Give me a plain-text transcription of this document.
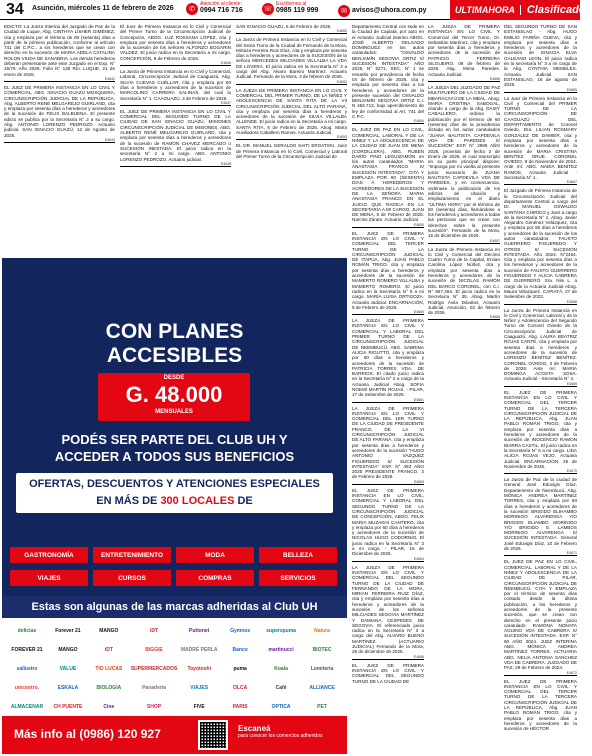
34 Asunción, miércoles 11 de febrero de 2026	✆
Atención al cliente:
0994 716 716	☏
Escríbenos al
0985 119 999	✉ avisos@uhora.com.py	ULTIMAHORA	Clasificados
EDICTO: La Jueza Interina del Juzgado de Paz de la Ciudad de Luque, Abg. CINTHYA LISHER GIMÉNEZ, cita y emplaza por el término de 60 (sesenta) días a partir de la primera publicación, conforme al artículo 741 del C.P.C., a los herederos que se crean con derecho en la sucesión de MARIA ADELA CATALINA ROLON VIUDA DE SANABRIA. Los demás herederos deberán presentarse ante este Juzgado en el Exp. N° 15/75. Año 2026. Folio N° 138 Río. LUQUE, 21 de enero de 2026.
E4642
EL JUEZ DE PRIMERA INSTANCIA EN LO CIVIL Y COMERCIAL, ABG. IGNACIO GUAZÚ MOSQUERA, CIRCUNSCRIPCIÓN JUDICIAL DE LA REPÚBLICA, Abg. ALBERTO RENÉ MELGAREJO GUIRLAND, cita y emplaza por sesenta días a herederos y acreedores de la sucesión de FELIX BALBUENA. El presente edicto se publica por la Secretaría N° 2 a su cargo. Abg. ANTONIO LORENZO PEDROZO. Actuario judicial. SAN IGNACIO GUAZÚ, 12 de Agosto de 2025.
E4643
El Juez de Primera Instancia en lo Civil y Comercial del Primer Turno de la Circunscripción Judicial de Concepción, ABOG. LUZ ROSSANA LÓPEZ, cita y emplaza por sesenta días a herederos y acreedores de la sucesión de los señores ALFONZO BOGARIN VALDEZ. El juicio radica en la Secretaría a mi cargo. CONCEPCIÓN, 9 de Febrero de 2026.
E4646
La Jueza de Primera Instancia en lo Civil y Comercial, Laboral, Circunscripción Judicial de Caaguazú, Abg. SILVIA CUEVAS CUÉLLAR, cita y emplaza por 60 días a herederos y acreedores de la sucesión de MARCOLINO CARRERA SALINAS, del cual la Secretaría N° 1. CAAGUAZÚ, 3 de Febrero de 2026.
E4647
EL JUEZ DE PRIMERA INSTANCIA EN LO CIVIL Y COMERCIAL DEL SEGUNDO TURNO DE LA CIUDAD DE SAN IGNACIO GUAZÚ, MISIONES CIRCUNSCRIPCIÓN JUDICIAL DE MISIONES, ABG. ALBERTO RENÉ MELGAREJO GUIRLAND, cita y emplaza por sesenta días a herederos y acreedores de la sucesión de RAMÓN CHAVEZ MERCADO o SUCESIÓN INESTADA. El juicio radica en la secretaría N° 2 a mi cargo. ABG. ANTONIO LORENZO PEDROZO. Actuario judicial.
E4648
SAN IGNACIO GUAZÚ, 6 de Febrero de 2026.
E4650
La Jueza de Primera Instancia en lo Civil y Comercial del Sexto Turno de la Ciudad de Fernando de la Mora, Mirtaza Ferreira Ruiz Díaz, cita y emplaza por sesenta días a herederos y acreedores de la SUCESIÓN de la señora MERCEDES MILCIADES VILLALBA LA VDA DE LOVERA. El juicio radica en la Secretaría N° 3 a cargo del Abg. Alvaro Bareiro Martínez. Actuario Judicial. Fernando de la Mora, 3 de febrero de 2026.
E4652
LA JUEZA DE PRIMERA INSTANCIA EN LO CIVIL Y COMERCIAL DEL PRIMER TURNO, DE LA NIÑEZ Y ADOLESCENCIA DE SANTA RITA DE LA VII CIRCUNSCRIPCIÓN JUDICIAL DEL ALTO PARANÁ, cita y emplaza por sesenta días a herederos y acreedores de la sucesión de SILVIA VILLALBA ALLENDE. El juicio radica en la Secretaría a mi cargo. SANTA RITA, 5 de Febrero de 2026. Abog. María Auxiliadora Caballero Ramos. Actuaria Judicial.
E4653
EL DR. MANUEL GERALDO SAITI ERGATSKI, Juez de Primera Instancia en lo Civil, Comercial y Laboral del Primer Turno de la Circunscripción Judicial de
Departamento Central con sede en la Ciudad de Capiatá, por auto en el Actuario Judicial interino ABOG. JOSÉ ALBERTO DELGADO DOMINGUEZ en los autos caratulados: "OSVALDO BENJAMÍN SEGOVIA ORTIZ S/ SUCESIÓN INTESTADA" AÑO 2025, N° 5271, SEC. N° 1 se resuelto por providencia de fecha 04 de febrero de 2026, cita y emplaza por sesenta días a los herederos y acreedores de la presente sucesión del OSVALDO BENJAMÍN SEGOVIA ORTIZ C.I. N 456.713, bajo apercibimiento de ley de conformidad al Art. 741 del C.P.C.
E4654
EL JUEZ DE PAZ EN LO CIVIL, COMERCIAL, LABORAL Y DE LA NIÑEZ Y LA ADOLESCENCIA DE LA CIUDAD DE JUAN DE MENA (CORDILLERA). ABG. RUBEN DARÍO PINO LEGUIZAMÓN en los autos caratulados "MARIA ANASTASIA FRANCO S/ SUCESIÓN INTESTADA". CITA Y EMPLAZA POR 60 (SESENTA) DÍAS A HEREDEROS Y ACREEDORES DE LA SUCESIÓN DE LA SEÑORA MARIA ANASTASIA FRANCO EN EL JUICIO QUE RADICA EN LA SECRETARÍA A MI CARGO. JUAN DE MENA, 6 de Febrero de 2026. Narciso Zárate. Actuario Judicial.
E4655
EL JUEZ DE PRIMERA INSTANCIA EN LO CIVIL Y COMERCIAL DEL TERCER TURNO DE LA CIRCUNSCRIPCIÓN JUDICIAL DE ITAPÚA, Abg. JUAN PABLO ROMÁN TRIGO, cita y emplaza por sesenta días a herederos y acreedores de la sucesión de MAMERTO ROMERO VILLALBA y MAMERTO ROMERO. El juicio radica en la Secretaría N° 5 a mi cargo. MARÍA LUISA ORTIGOZA. Actuaria Judicial. ENCARNACIÓN, 9 de Febrero de 2026.
E4660
LA JUEZA DE PRIMERA INSTANCIA EN LO CIVIL Y COMERCIAL Y LABORAL DEL PRIMER TURNO DE LA CIRCUNSCRIPCIÓN JUDICIAL DE ÑEEMBUCÚ, ABG. SABRINA ALICIA RIGUTTO, cita y emplaza por 60 días a herederos y acreedores de la sucesión de PATRICIA TORRES VDA. DE BARRIOS. El citado juicio radica en la Secretaría N° 2 a cargo de la Actuaria Judicial Abog. SOFIA NOEMÍ MARTÍN ROJAS. - PILAR, 17 de Setiembre de 2025.
E4661
LA JUEZA DE PRIMERA INSTANCIA EN LO CIVIL Y COMERCIAL DEL 1ER TURNO DE LA CIUDAD DE PRESIDENTE FRANCO, DE LA VI CIRCUNSCRIPCIÓN JUDICIAL DE ALTO PARANÁ, cita y emplaza por sesenta días a herederos y acreedores de la sucesión "HUGO ANTONIO VAZQUEZ FIGUEREDO S/ SUCESIÓN INTESTADA" EXP. N° 493 AÑO 2025 PRESIDENTE FRANCO, 3 de Febrero de 2026.
E4663
EL JUEZ DE PRIMERA INSTANCIA EN LO CIVIL, COMERCIAL Y LABORAL DEL SEGUNDO TURNO DE LA CIRCUNSCRIPCIÓN JUDICIAL DE CONCEPCIÓN, ABOG. FELIX MARIA MUZAKHI CANTERO, cita y emplaza por 60 días a herederos y acreedores de la sucesión de NICOLAS HUGO CODORNIO. El juicio radica en la Secretaría N° 3 a mi cargo. - PILAR, 16 de Diciembre de 2025.
E4664
LA JUEZA DE PRIMERA INSTANCIA EN LO CIVIL Y COMERCIAL DEL SEGUNDO TURNO DE LA CIUDAD DE FERNANDO DE LA MORA, MIRIAN FERREIRA RUIZ DÍAZ, cita y emplaza por sesenta días a herederos y acreedores de la sucesión de los señores MILCIADES SEGOVIA MARTÍNEZ Y DAMIANA CESPEDES DE SEGOVIA. El referenciado juicio radica en la Secretaría N° 3 a cargo del Abg. ALVARO BUENO MARTÍNEZ. (ACTUARIO JUDICIAL) Fernando de la Mora, 29 de diciembre de 2025.
E4666
EL JUEZ DE PRIMERA INSTANCIA EN LO CIVIL Y COMERCIAL DEL SEGUNDO TURNO DE LA CIUDAD DE
LA JUEZA DE PRIMERA INSTANCIA EN LO CIVIL Y Comercial del Tercer Turno, Dr. Sebastián Martínez, cita y emplaza por sesenta días a herederos y acreedores de la sucesión de PATRICIO FERREIRA SILGUEIRO. 09 de febrero de 2026. Abg. Mirna Paredes. Actuaria Judicial.
E4656
LA JUEZA DEL JUZGADO DE PAZ MULTIFUERO DE LA CIUDAD DE MBARACAYÚ DE LA MBAL. Abog. MARÍA CRISTINA SABOGAL, citando a cargo de la Abg. DAISY CABALLERO, ordena la publicación por el término de 60 (sesenta) días de la providencia dictada en los autos caratulados "JUANA BAUTISTA CAPDEVILA VDA DE PAREDES S/ SUCESIÓN" EXP. N° 2966 AÑO 2025, proveído de fecha 2 de Enero de 2026, el cual transcripto en su parte principal dispone: "Imponga por mi vuelta al presente juicio sucesorio de JUANA BAUTISTA CAPDEVILA VDA DE PAREDES, y en consecuencia, ordénase la publicación de los edictos de citación y emplazamiento en el diario "ULTIMA HORA" por el término de 60 (sesenta) días, llamándose a los herederos y acreedores a todas las personas que se crean con derechos sobre la presente sucesión". Fernando de la Mora, 16 de diciembre de 2026.
E4657
La Jueza de Primera Instancia en lo Civil y Comercial del Décimo Cuarto Turno de la Capital, Ervian Carolina López Núñez, cita y emplaza por sesenta días a herederos y acreedores de la sucesión de NICOLÁS RAMÓN DEL BARCO CORONEL, con C.I. N° 667.394. El juicio radica en la Secretaría N° 35. Abog. Martín Rodrigo Ávila Dávalos, Actuario Judicial. Asunción, 03 de febrero de 2026.
E4658
DEL SEGUNDO TURNO DE SAN ESTANISLAO - Abg. HUGO EMILIO FARIÑA GUEVA, cita y emplaza por sesenta días a herederos y acreedores de la sucesión de IGNACIA ELVA GALEANO LEON. El juicio radica en la secretaría N° 3 a mi cargo de la Abg. CYNTHIA MEMELES. Actuaria Judicial. SAN ESTANISLAO, 18 de agosto de 2025.
E4665
La Juez de Primera Instancia en lo Civil y Comercial del PRIMER TURNO DE LA CIRCUNSCRIPCIÓN DE CAAGUAZÚ DEL DEPARTAMENTO de Coronel Oviedo, Dra. LILIAN ROSMARY GONZÁLEZ DE DAMIER, cita y emplaza por sesenta días a herederos y acreedores de la sucesión de MARIA CRISTINA BENÍTEZ ORUE. CORONEL OVIEDO, 8 de Noviembre de 2024. Ante mí: ABG. NADIA BENÍTEZ RAMOS. Actuaria Judicial - Secretaría N° 1.
E4667
El Juzgado de Primera Instancia de la Circunscripción Judicial del departamento Central a cargo del Dr. MANUEL OSWALDO SANTANA CHIRICO y Juez a cargo de la Secretaría N° 1. Abog. Javier Alejandro Giménez Velázquez, cita y emplaza por 60 días a herederos y acreedores de la sucesión de los autos caratulados: FAUSTO GUERRERO FIGUEREDO Y OTROS S/ SUCESIÓN INTESTADA. Año 2024. N°2464. Cita y emplaza por sesenta días a los herederos y acreedores de la sucesión de FAUSTO GUERRERO FIGUEREDO Y ALICIA CABRERA DE GUERRERO. Sra. Nini L. a cargo de la Actuaria Judicial Abog. Maura Velazquez. CAPIATÁ, 27 de Setiembre de 2023.
E4668
La Jueza de Primera Instancia en lo Civil y Comercial, Laboral y de la Niñez y Adolescencia del Segundo Turno de Coronel Oviedo de la Circunscripción Judicial de Caaguazú, Abg. LAURA BEATRIZ ROJAS CANTE, cita y emplaza por sesenta días a herederos y acreedores de la sucesión de LORENZO BENÍTEZ BENÍTEZ. CORONEL OVIEDO, 3 de Febrero de 2026. Ante mí: MARIA DOMINGA ACOSTA SOSA. Actuaria Judicial - Secretaría N° 4.
E4669
EL JUEZ DE PRIMERA INSTANCIA EN LO CIVIL Y COMERCIAL DEL TERCER TURNO DE LA TERCERA CIRCUNSCRIPCIÓN JUDICIAL DE LA REPÚBLICA, Abg. JUAN PABLO ROMÁN TRIGO, cita y emplaza por sesenta días a herederos y acreedores de la sucesión de INOCENCIO RAMON IBARRA CASTIL. El juicio radica en la Secretaría N° 6 a mi cargo. LIDA ALICIA ROJAS VEJO. Actuaria Judicial. ENCARNACIÓN, 25 de Noviembre de 2025.
E4670
La Jueza de Paz de la ciudad de General José Eduvigis Díaz, Departamento de Ñeembucú, Abg. MÓNICA ANDREA MARTÍNEZ TORRES, cita y emplaza por 60 días a herederos y acreedores de la sucesión BRIGIDO ELIHAMBO MORINIGO ALVARENGA Y/O BRIGIDO ELIAMBO MORINIGO Y/O BRIGIDO E. LAMBOS MORINIGO ALVARENGA S/ SUCESIÓN INTESTADA. General José Eduvigis Díaz, 10 de Febrero de 2025.
E4671
EL JUEZ DE PAZ EN LO CIVIL, COMERCIAL, LABORAL Y DE LA NIÑEZ Y ADOLESCENCIA DE LA CIUDAD DE PILAR, CIRCUNSCRIPCIÓN JUDICIAL DE ÑEEMBUCÚ. CITA Y EMPLAZA por el término de sesenta días contado desde la última publicación, a los herederos y acreedores de la presente sucesión, que se crean con derecho en el presente juicio caratulado: RAMONA NONATA AGUINO VDA DE CABRERA S/ SUCESIÓN INTESTADA. EXP. N° 60 AÑO 2024. JUEZ INTERINA ABG. MONICA ANDREA MARTÍNEZ TORRES. ACTUARIA ABG. NELIA ANTONIA SANCHEZ VDA DE CABRERA. JUZGADO DE PAZ, 29 de Febrero de 2024.
E4672
EL JUEZ DE PRIMERA INSTANCIA EN LO CIVIL Y COMERCIAL DEL TERCER TURNO DE LA TERCERA CIRCUNSCRIPCIÓN JUDICIAL DE LA REPÚBLICA, Abg. JUAN PABLO ROMÁN TRIGO, cita y emplaza por sesenta días a herederos y acreedores de la sucesión de HÉCTOR
CON PLANES
ACCESIBLES
DESDE
G. 48.000
MENSUALES
PODÉS SER PARTE DEL CLUB UH Y
ACCEDER A TODOS SUS BENEFICIOS
OFERTAS, DESCUENTOS Y ATENCIONES ESPECIALES
EN MÁS DE 300 LOCALES DE
GASTRONOMÍA	ENTRETENIMIENTO	MODA	BELLEZA
VIAJES	CURSOS	COMPRAS	SERVICIOS
Estas son algunas de las marcas adheridas al Club UH
delicias	Forever 21	MANGO	iDT	Puttonet	Gymnos	superspuma	Natura
FOREVER 21	MANGO	iDT	BIGGIE	MADRE PERLA	Banco	martinucci	BIOTEC
sallustro	VALUE	TIO LUCAS	SUPERMERCADOS	Toyotoshi	puma	Koala	Lomiteria
unicentro.	ESKALA	BIOLOGIA	Panadería	VIAJES	OLCA	Café	ALLIANCE
ALMACENAR	CH PUENTE	Cine	SHOP	FIVE	PARIS	OPTICA	PET
Más info al (0986) 120 927	Escaneá
para conocer los comercios adheridos
